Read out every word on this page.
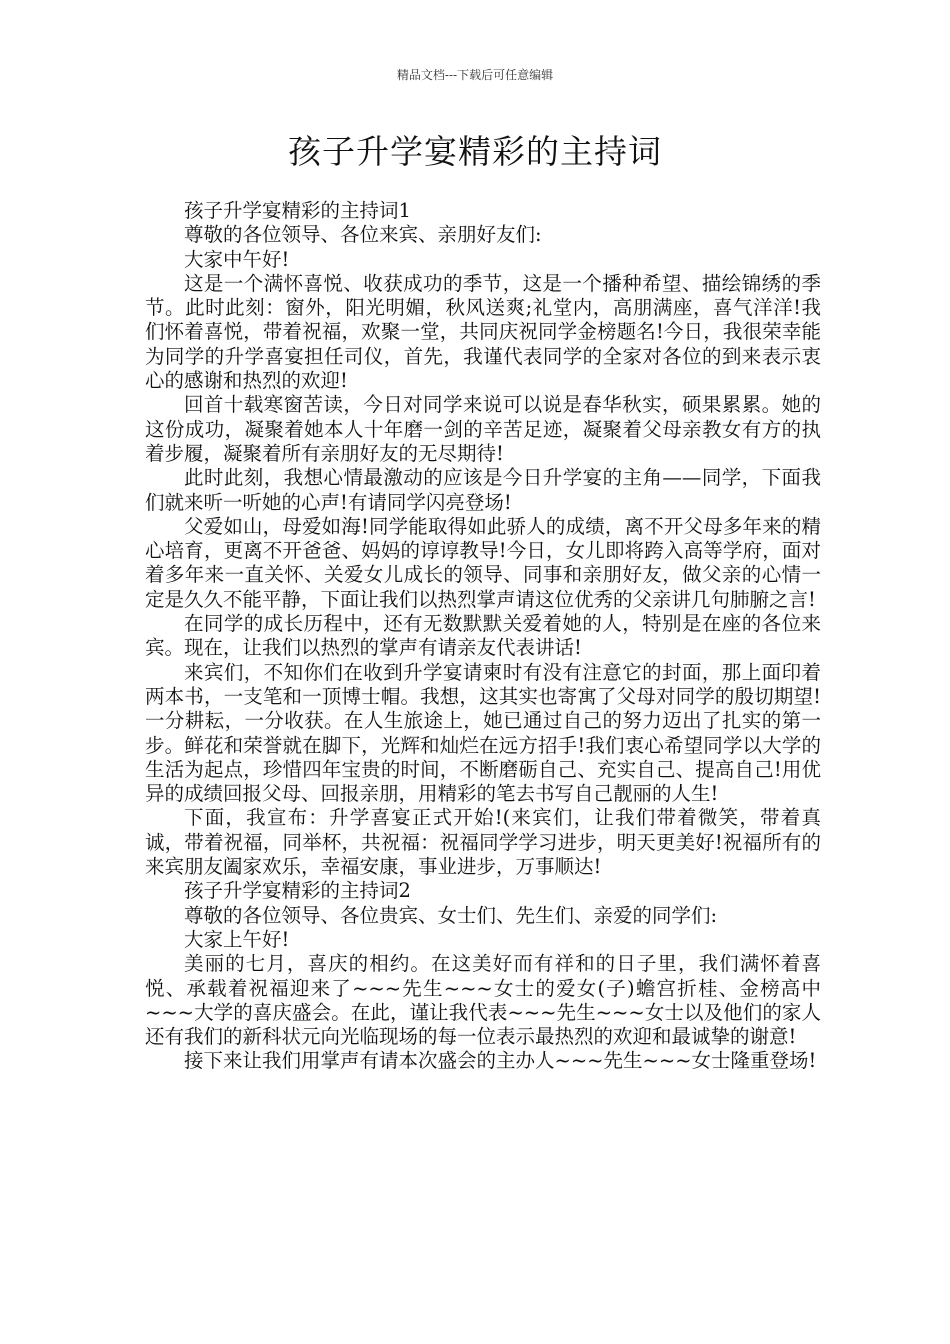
精品文档---下载后可任意编辑
孩子升学宴精彩的主持词

孩子升学宴精彩的主持词1

尊敬的各位领导、各位来宾、亲朋好友们:

大家中午好!

这是一个满怀喜悦、收获成功的季节，这是一个播种希望、描绘锦绣的季节。此时此刻：窗外，阳光明媚，秋风送爽;礼堂内，高朋满座，喜气洋洋!我们怀着喜悦，带着祝福，欢聚一堂，共同庆祝同学金榜题名!今日，我很荣幸能为同学的升学喜宴担任司仪，首先，我谨代表同学的全家对各位的到来表示衷心的感谢和热烈的欢迎!

回首十载寒窗苦读，今日对同学来说可以说是春华秋实，硕果累累。她的这份成功，凝聚着她本人十年磨一剑的辛苦足迹，凝聚着父母亲教女有方的执着步履，凝聚着所有亲朋好友的无尽期待!

此时此刻，我想心情最激动的应该是今日升学宴的主角——同学，下面我们就来听一听她的心声!有请同学闪亮登场!

父爱如山，母爱如海!同学能取得如此骄人的成绩，离不开父母多年来的精心培育，更离不开爸爸、妈妈的谆谆教导!今日，女儿即将跨入高等学府，面对着多年来一直关怀、关爱女儿成长的领导、同事和亲朋好友，做父亲的心情一定是久久不能平静，下面让我们以热烈掌声请这位优秀的父亲讲几句肺腑之言!

在同学的成长历程中，还有无数默默关爱着她的人，特别是在座的各位来宾。现在，让我们以热烈的掌声有请亲友代表讲话!

来宾们，不知你们在收到升学宴请柬时有没有注意它的封面，那上面印着两本书，一支笔和一顶博士帽。我想，这其实也寄寓了父母对同学的殷切期望!一分耕耘，一分收获。在人生旅途上，她已通过自己的努力迈出了扎实的第一步。鲜花和荣誉就在脚下，光辉和灿烂在远方招手!我们衷心希望同学以大学的生活为起点，珍惜四年宝贵的时间，不断磨砺自己、充实自己、提高自己!用优异的成绩回报父母、回报亲朋，用精彩的笔去书写自己靓丽的人生!

下面，我宣布：升学喜宴正式开始!(来宾们，让我们带着微笑，带着真诚，带着祝福，同举杯，共祝福：祝福同学学习进步，明天更美好!祝福所有的来宾朋友阖家欢乐，幸福安康，事业进步，万事顺达!

孩子升学宴精彩的主持词2

尊敬的各位领导、各位贵宾、女士们、先生们、亲爱的同学们:

大家上午好!

美丽的七月，喜庆的相约。在这美好而有祥和的日子里，我们满怀着喜悦、承载着祝福迎来了~~~先生~~~女士的爱女(子)蟾宫折桂、金榜高中~~~大学的喜庆盛会。在此，谨让我代表~~~先生~~~女士以及他们的家人还有我们的新科状元向光临现场的每一位表示最热烈的欢迎和最诚挚的谢意!

接下来让我们用掌声有请本次盛会的主办人~~~先生~~~女士隆重登场!
